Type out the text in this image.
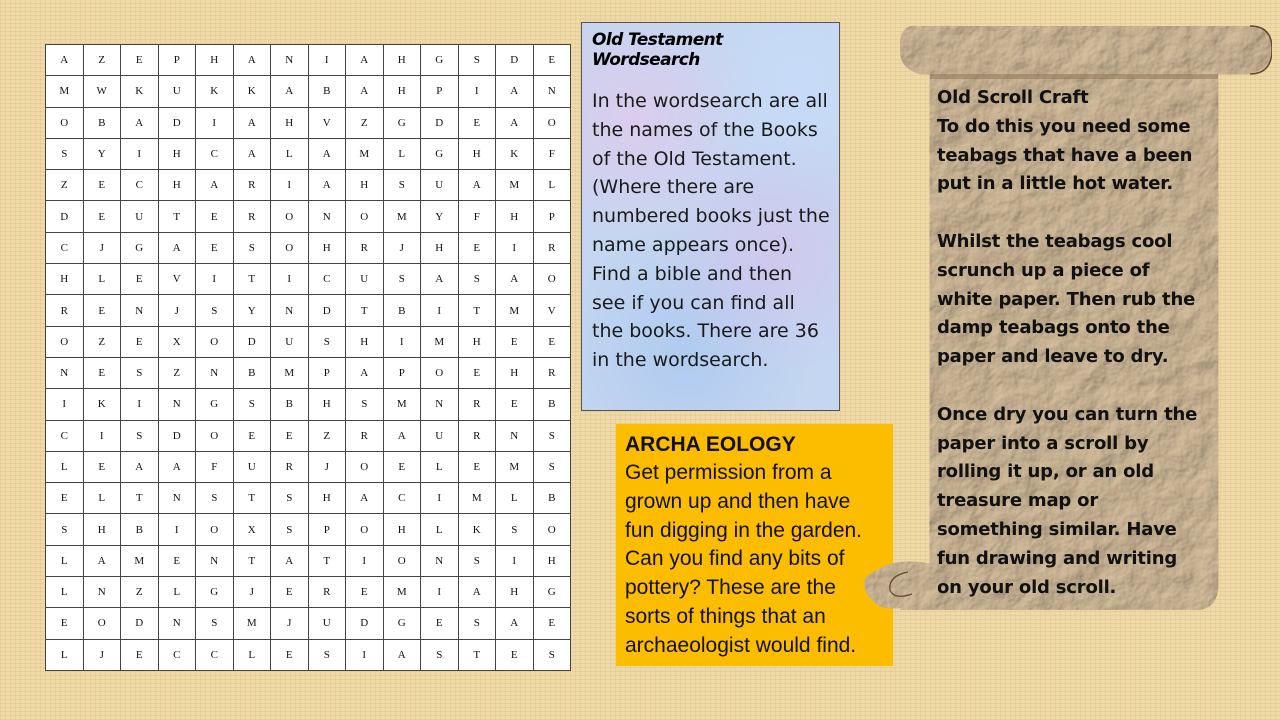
A	Z	E	P	H	A	N	I	A	H	G	S	D	E
M	W	K	U	K	K	A	B	A	H	P	I	A	N
O	B	A	D	I	A	H	V	Z	G	D	E	A	O
S	Y	I	H	C	A	L	A	M	L	G	H	K	F
Z	E	C	H	A	R	I	A	H	S	U	A	M	L
D	E	U	T	E	R	O	N	O	M	Y	F	H	P
C	J	G	A	E	S	O	H	R	J	H	E	I	R
H	L	E	V	I	T	I	C	U	S	A	S	A	O
R	E	N	J	S	Y	N	D	T	B	I	T	M	V
O	Z	E	X	O	D	U	S	H	I	M	H	E	E
N	E	S	Z	N	B	M	P	A	P	O	E	H	R
I	K	I	N	G	S	B	H	S	M	N	R	E	B
C	I	S	D	O	E	E	Z	R	A	U	R	N	S
L	E	A	A	F	U	R	J	O	E	L	E	M	S
E	L	T	N	S	T	S	H	A	C	I	M	L	B
S	H	B	I	O	X	S	P	O	H	L	K	S	O
L	A	M	E	N	T	A	T	I	O	N	S	I	H
L	N	Z	L	G	J	E	R	E	M	I	A	H	G
E	O	D	N	S	M	J	U	D	G	E	S	A	E
L	J	E	C	C	L	E	S	I	A	S	T	E	S
Old Testament Wordsearch
In the wordsearch are all the names of the Books of the Old Testament. (Where there are numbered books just the name appears once).
Find a bible and then see if you can find all the books. There are 36 in the wordsearch.
ARCHA EOLOGY
Get permission from a grown up and then have fun digging in the garden. Can you find any bits of pottery? These are the sorts of things that an archaeologist would find.
Old Scroll Craft
To do this you need some teabags that have a been put in a little hot water.

Whilst the teabags cool scrunch up a piece of white paper. Then rub the damp teabags onto the paper and leave to dry.

Once dry you can turn the paper into a scroll by rolling it up, or an old treasure map or something similar. Have fun drawing and writing on your old scroll.
